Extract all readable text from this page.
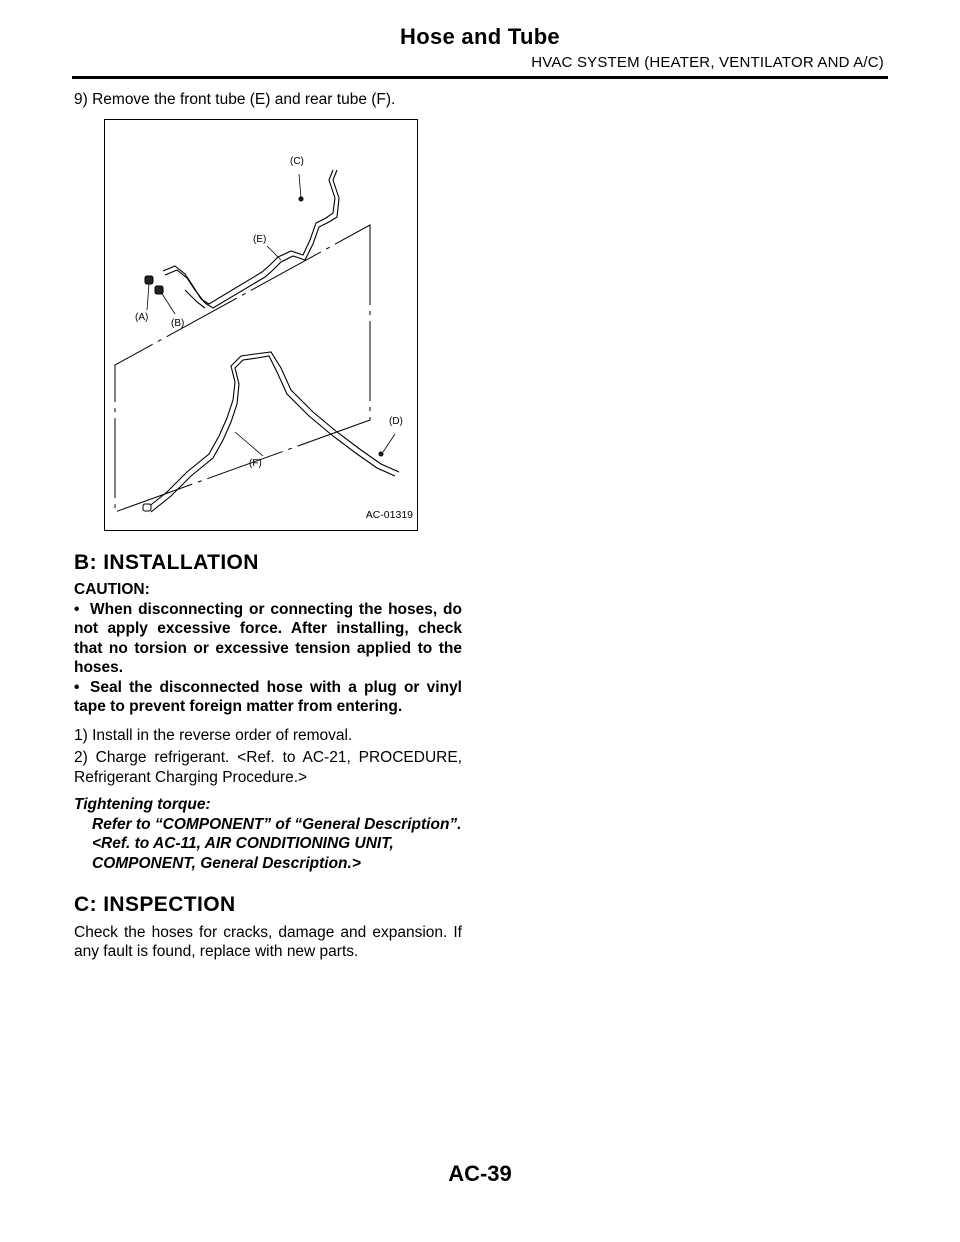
Hose and Tube
HVAC SYSTEM (HEATER, VENTILATOR AND A/C)

9) Remove the front tube (E) and rear tube (F).

(C)
(E)
(A)
(B)
(D)
(F)
AC-01319
B: INSTALLATION

CAUTION:

• When disconnecting or connecting the hoses, do not apply excessive force. After installing, check that no torsion or excessive tension applied to the hoses.

• Seal the disconnected hose with a plug or vinyl tape to prevent foreign matter from entering.

1) Install in the reverse order of removal.

2) Charge refrigerant. <Ref. to AC-21, PROCEDURE, Refrigerant Charging Procedure.>

Tightening torque:

Refer to “COMPONENT” of “General Description”. <Ref. to AC-11, AIR CONDITIONING UNIT, COMPONENT, General Description.>

C: INSPECTION

Check the hoses for cracks, damage and expansion. If any fault is found, replace with new parts.

AC-39
